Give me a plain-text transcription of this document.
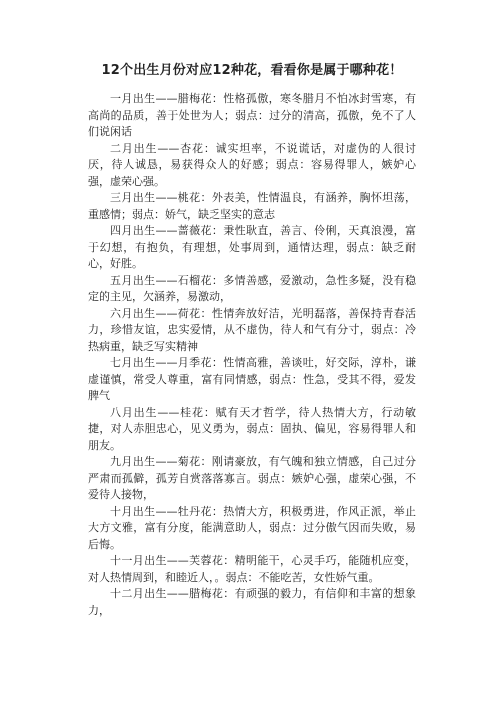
12个出生月份对应12种花，看看你是属于哪种花！

一月出生——腊梅花：性格孤傲，寒冬腊月不怕冰封雪寒，有高尚的品质，善于处世为人；弱点：过分的清高，孤傲，免不了人们说闲话

二月出生——杏花：诚实坦率，不说谎话，对虚伪的人很讨厌，待人诚恳，易获得众人的好感；弱点：容易得罪人，嫉妒心强，虚荣心强。

三月出生——桃花：外表美，性情温良，有涵养，胸怀坦荡，重感情；弱点：娇气，缺乏坚实的意志

四月出生——蔷薇花：秉性耿直，善言、伶俐，天真浪漫，富于幻想，有抱负，有理想，处事周到，通情达理，弱点：缺乏耐心，好胜。

五月出生——石榴花：多情善感，爱激动，急性多疑，没有稳定的主见，欠涵养，易激动，

六月出生——荷花：性情奔放好洁，光明磊落，善保持青春活力，珍惜友谊，忠实爱情，从不虚伪，待人和气有分寸，弱点：冷热病重，缺乏写实精神

七月出生——月季花：性情高雅，善谈吐，好交际，淳朴，谦虚谨慎，常受人尊重，富有同情感，弱点：性急，受其不得，爱发脾气

八月出生——桂花：赋有天才哲学，待人热情大方，行动敏捷，对人赤胆忠心，见义勇为，弱点：固执、偏见，容易得罪人和朋友。

九月出生——菊花：刚请豪放，有气魄和独立情感，自己过分严肃而孤僻，孤芳自赏落落寡言。弱点：嫉妒心强，虚荣心强，不爱待人接物，

十月出生——牡丹花：热情大方，积极勇进，作风正派，举止大方文雅，富有分度，能满意助人，弱点：过分傲气因而失败，易后悔。

十一月出生——芙蓉花：精明能干，心灵手巧，能随机应变，对人热情周到，和睦近人，。弱点：不能吃苦，女性娇气重。

十二月出生——腊梅花：有顽强的毅力，有信仰和丰富的想象力，
